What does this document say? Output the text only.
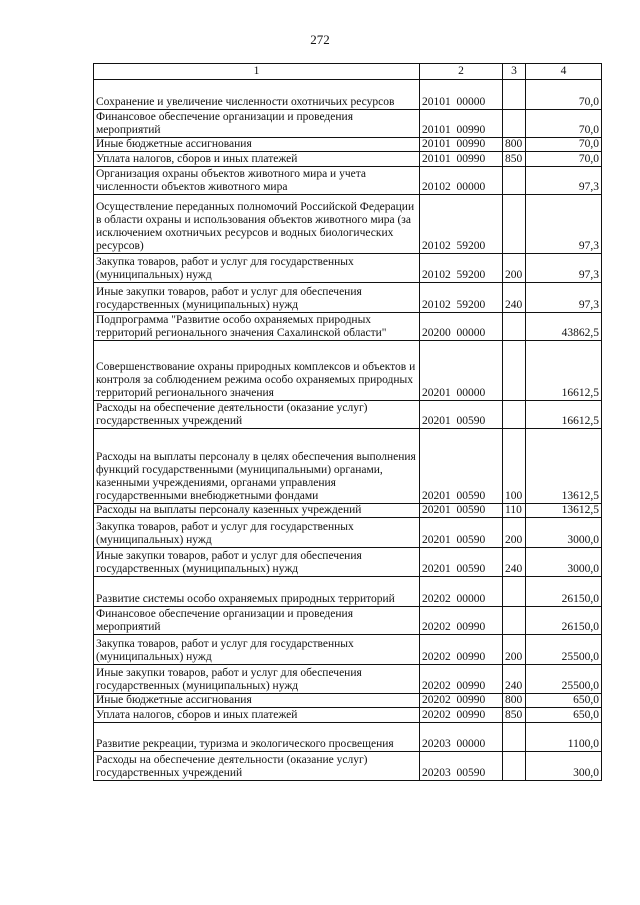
272
1	2	3	4
Сохранение и увеличение численности охотничьих ресурсов	20101  00000		70,0
Финансовое обеспечение организации и проведения мероприятий	20101  00990		70,0
Иные бюджетные ассигнования	20101  00990	800	70,0
Уплата налогов, сборов и иных платежей	20101  00990	850	70,0
Организация охраны объектов животного мира и учета численности объектов животного мира	20102  00000		97,3
Осуществление переданных полномочий Российской Федерации в области охраны и использования объектов животного мира (за исключением охотничьих ресурсов и водных биологических ресурсов)	20102  59200		97,3
Закупка товаров, работ и услуг для государственных (муниципальных) нужд	20102  59200	200	97,3
Иные закупки товаров, работ и услуг для обеспечения государственных (муниципальных) нужд	20102  59200	240	97,3
Подпрограмма "Развитие особо охраняемых природных территорий регионального значения Сахалинской области"	20200  00000		43862,5
Совершенствование охраны природных комплексов и объектов и контроля за соблюдением режима особо охраняемых природных территорий регионального значения	20201  00000		16612,5
Расходы на обеспечение деятельности (оказание услуг) государственных учреждений	20201  00590		16612,5
Расходы на выплаты персоналу в целях обеспечения выполнения функций государственными (муниципальными) органами, казенными учреждениями, органами управления государственными внебюджетными фондами	20201  00590	100	13612,5
Расходы на выплаты персоналу казенных учреждений	20201  00590	110	13612,5
Закупка товаров, работ и услуг для государственных (муниципальных) нужд	20201  00590	200	3000,0
Иные закупки товаров, работ и услуг для обеспечения государственных (муниципальных) нужд	20201  00590	240	3000,0
Развитие системы особо охраняемых природных территорий	20202  00000		26150,0
Финансовое обеспечение организации и проведения мероприятий	20202  00990		26150,0
Закупка товаров, работ и услуг для государственных (муниципальных) нужд	20202  00990	200	25500,0
Иные закупки товаров, работ и услуг для обеспечения государственных (муниципальных) нужд	20202  00990	240	25500,0
Иные бюджетные ассигнования	20202  00990	800	650,0
Уплата налогов, сборов и иных платежей	20202  00990	850	650,0
Развитие рекреации, туризма и экологического просвещения	20203  00000		1100,0
Расходы на обеспечение деятельности (оказание услуг) государственных учреждений	20203  00590		300,0
